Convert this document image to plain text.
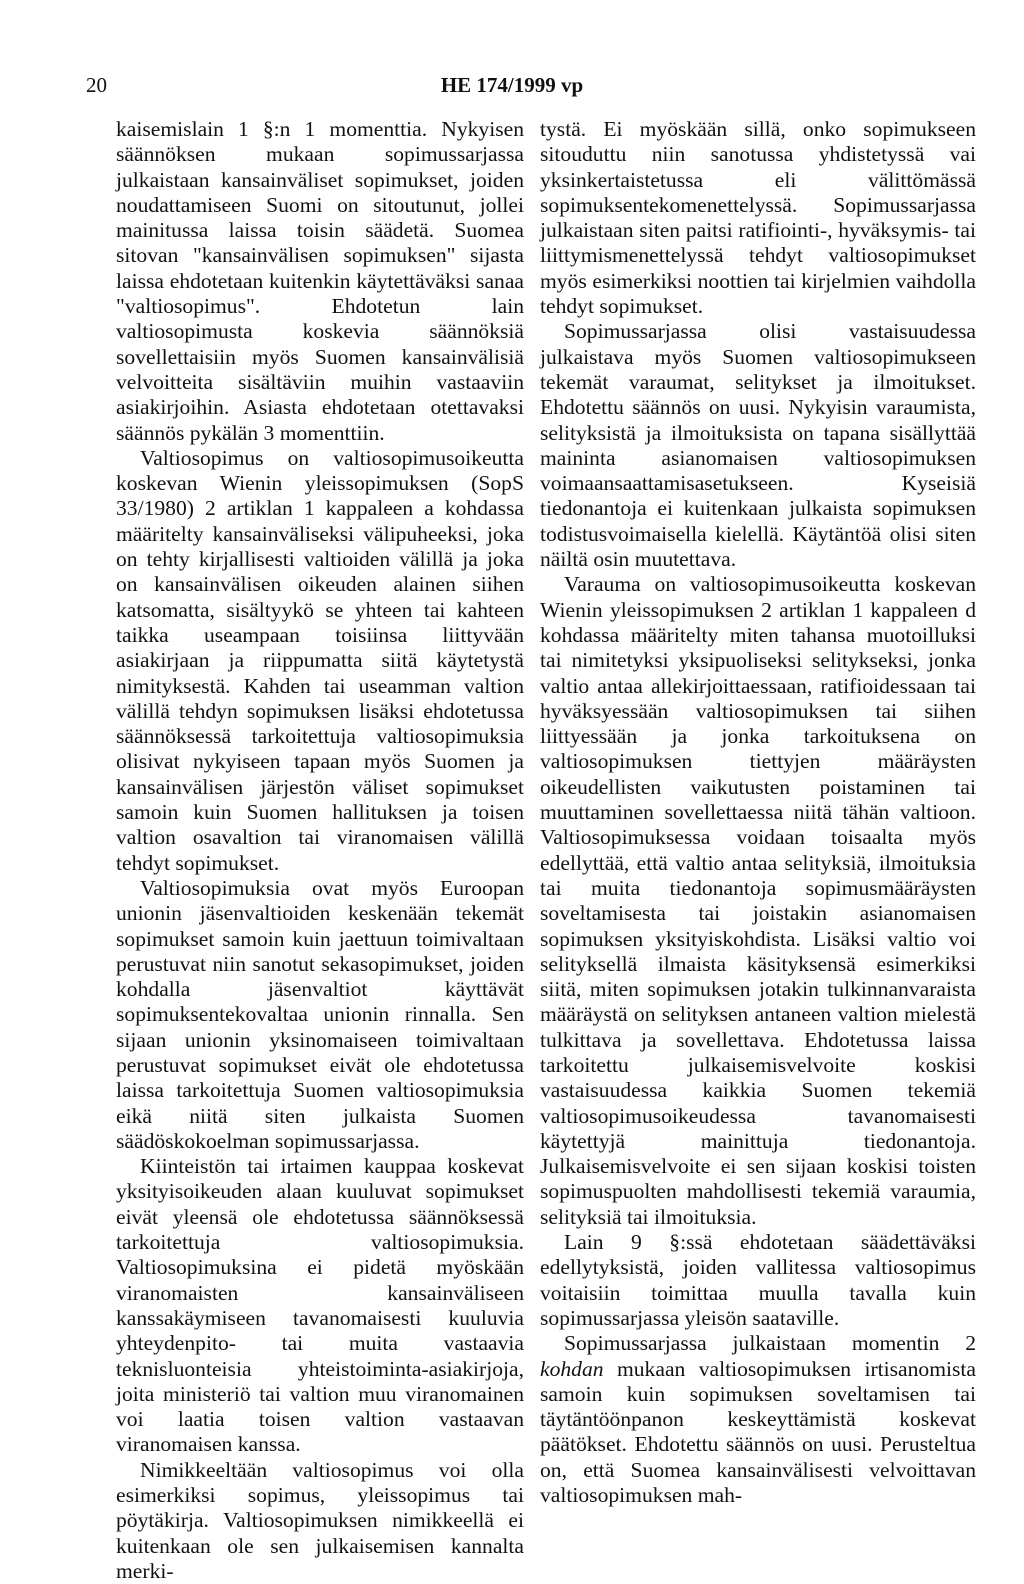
20	HE 174/1999 vp

kaisemislain 1 §:n 1 momenttia. Nykyisen säännöksen mukaan sopimussarjassa julkaistaan kansainväliset sopimukset, joiden noudattamiseen Suomi on sitoutunut, jollei mainitussa laissa toisin säädetä. Suomea sitovan "kansainvälisen sopimuksen" sijasta laissa ehdotetaan kuitenkin käytettäväksi sanaa "valtiosopimus". Ehdotetun lain valtiosopimusta koskevia säännöksiä sovellettaisiin myös Suomen kansainvälisiä velvoitteita sisältäviin muihin vastaaviin asiakirjoihin. Asiasta ehdotetaan otettavaksi säännös pykälän 3 momenttiin.

Valtiosopimus on valtiosopimusoikeutta koskevan Wienin yleissopimuksen (SopS 33/1980) 2 artiklan 1 kappaleen a kohdassa määritelty kansainväliseksi välipuheeksi, joka on tehty kirjallisesti valtioiden välillä ja joka on kansainvälisen oikeuden alainen siihen katsomatta, sisältyykö se yhteen tai kahteen taikka useampaan toisiinsa liittyvään asiakirjaan ja riippumatta siitä käytetystä nimityksestä. Kahden tai useamman valtion välillä tehdyn sopimuksen lisäksi ehdotetussa säännöksessä tarkoitettuja valtiosopimuksia olisivat nykyiseen tapaan myös Suomen ja kansainvälisen järjestön väliset sopimukset samoin kuin Suomen hallituksen ja toisen valtion osavaltion tai viranomaisen välillä tehdyt sopimukset.

Valtiosopimuksia ovat myös Euroopan unionin jäsenvaltioiden keskenään tekemät sopimukset samoin kuin jaettuun toimivaltaan perustuvat niin sanotut sekasopimukset, joiden kohdalla jäsenvaltiot käyttävät sopimuksentekovaltaa unionin rinnalla. Sen sijaan unionin yksinomaiseen toimivaltaan perustuvat sopimukset eivät ole ehdotetussa laissa tarkoitettuja Suomen valtiosopimuksia eikä niitä siten julkaista Suomen säädöskokoelman sopimussarjassa.

Kiinteistön tai irtaimen kauppaa koskevat yksityisoikeuden alaan kuuluvat sopimukset eivät yleensä ole ehdotetussa säännöksessä tarkoitettuja valtiosopimuksia. Valtiosopimuksina ei pidetä myöskään viranomaisten kansainväliseen kanssakäymiseen tavanomaisesti kuuluvia yhteydenpito- tai muita vastaavia teknisluonteisia yhteistoiminta-asiakirjoja, joita ministeriö tai valtion muu viranomainen voi laatia toisen valtion vastaavan viranomaisen kanssa.

Nimikkeeltään valtiosopimus voi olla esimerkiksi sopimus, yleissopimus tai pöytäkirja. Valtiosopimuksen nimikkeellä ei kuitenkaan ole sen julkaisemisen kannalta merki-

tystä. Ei myöskään sillä, onko sopimukseen sitouduttu niin sanotussa yhdistetyssä vai yksinkertaistetussa eli välittömässä sopimuksentekomenettelyssä. Sopimussarjassa julkaistaan siten paitsi ratifiointi-, hyväksymis- tai liittymismenettelyssä tehdyt valtiosopimukset myös esimerkiksi noottien tai kirjelmien vaihdolla tehdyt sopimukset.

Sopimussarjassa olisi vastaisuudessa julkaistava myös Suomen valtiosopimukseen tekemät varaumat, selitykset ja ilmoitukset. Ehdotettu säännös on uusi. Nykyisin varaumista, selityksistä ja ilmoituksista on tapana sisällyttää maininta asianomaisen valtiosopimuksen voimaansaattamisasetukseen. Kyseisiä tiedonantoja ei kuitenkaan julkaista sopimuksen todistusvoimaisella kielellä. Käytäntöä olisi siten näiltä osin muutettava.

Varauma on valtiosopimusoikeutta koskevan Wienin yleissopimuksen 2 artiklan 1 kappaleen d kohdassa määritelty miten tahansa muotoilluksi tai nimitetyksi yksipuoliseksi selitykseksi, jonka valtio antaa allekirjoittaessaan, ratifioidessaan tai hyväksyessään valtiosopimuksen tai siihen liittyessään ja jonka tarkoituksena on valtiosopimuksen tiettyjen määräysten oikeudellisten vaikutusten poistaminen tai muuttaminen sovellettaessa niitä tähän valtioon. Valtiosopimuksessa voidaan toisaalta myös edellyttää, että valtio antaa selityksiä, ilmoituksia tai muita tiedonantoja sopimusmääräysten soveltamisesta tai joistakin asianomaisen sopimuksen yksityiskohdista. Lisäksi valtio voi selityksellä ilmaista käsityksensä esimerkiksi siitä, miten sopimuksen jotakin tulkinnanvaraista määräystä on selityksen antaneen valtion mielestä tulkittava ja sovellettava. Ehdotetussa laissa tarkoitettu julkaisemisvelvoite koskisi vastaisuudessa kaikkia Suomen tekemiä valtiosopimusoikeudessa tavanomaisesti käytettyjä mainittuja tiedonantoja. Julkaisemisvelvoite ei sen sijaan koskisi toisten sopimuspuolten mahdollisesti tekemiä varaumia, selityksiä tai ilmoituksia.

Lain 9 §:ssä ehdotetaan säädettäväksi edellytyksistä, joiden vallitessa valtiosopimus voitaisiin toimittaa muulla tavalla kuin sopimussarjassa yleisön saataville.

Sopimussarjassa julkaistaan momentin 2 kohdan mukaan valtiosopimuksen irtisanomista samoin kuin sopimuksen soveltamisen tai täytäntöönpanon keskeyttämistä koskevat päätökset. Ehdotettu säännös on uusi. Perusteltua on, että Suomea kansainvälisesti velvoittavan valtiosopimuksen mah-
